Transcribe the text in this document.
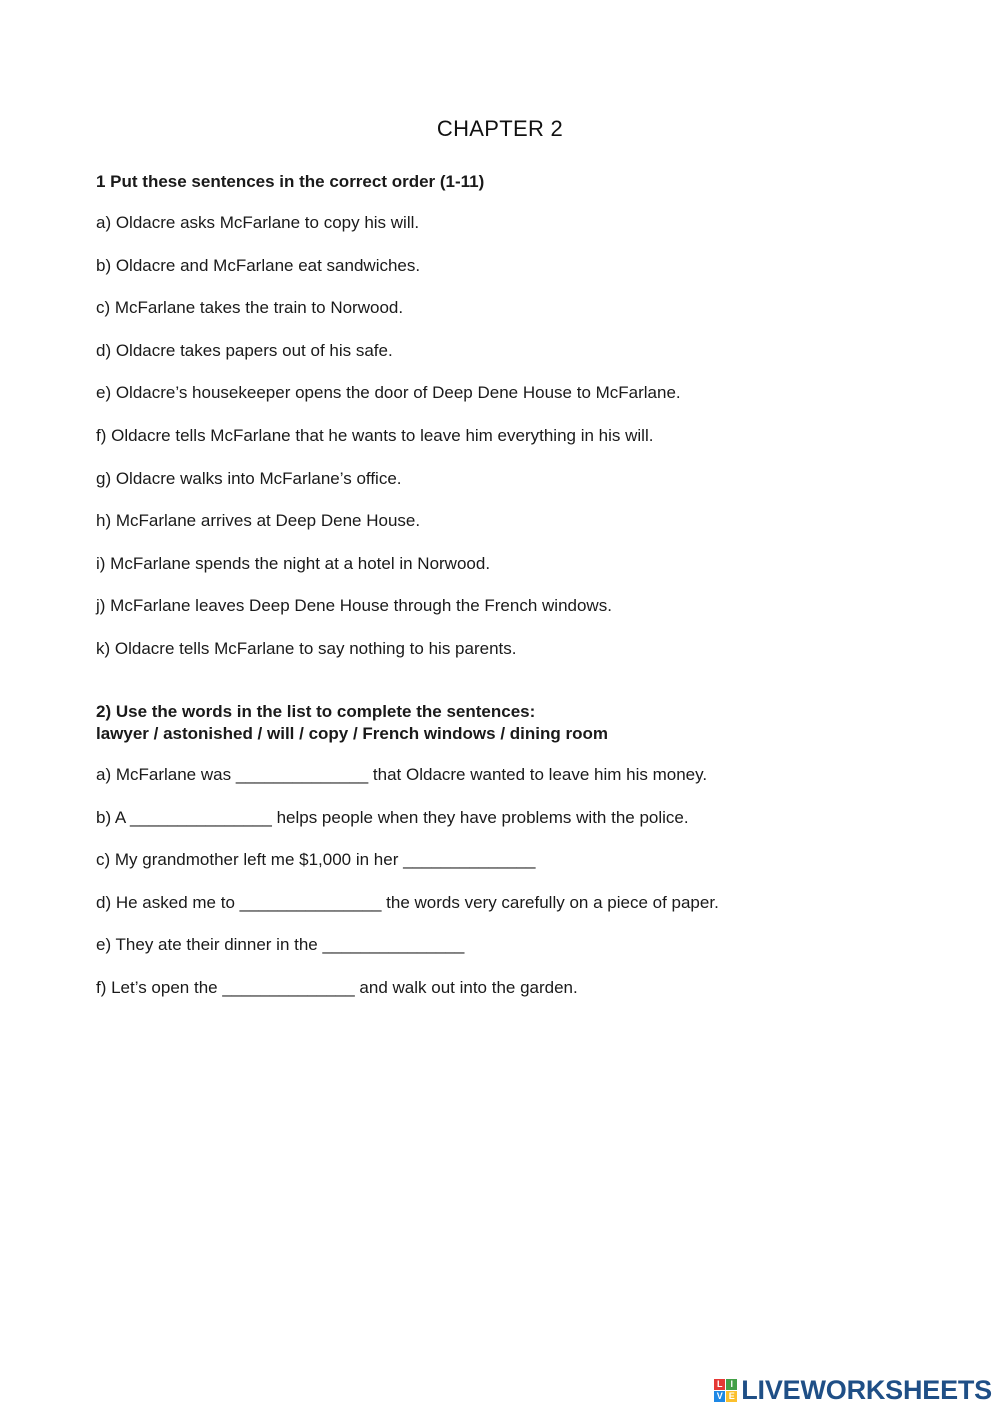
CHAPTER 2
1 Put these sentences in the correct order (1-11)
a) Oldacre asks McFarlane to copy his will.
b) Oldacre and McFarlane eat sandwiches.
c) McFarlane takes the train to Norwood.
d) Oldacre takes papers out of his safe.
e) Oldacre’s housekeeper opens the door of Deep Dene House to McFarlane.
f) Oldacre tells McFarlane that he wants to leave him everything in his will.
g) Oldacre walks into McFarlane’s office.
h) McFarlane arrives at Deep Dene House.
i) McFarlane spends the night at a hotel in Norwood.
j) McFarlane leaves Deep Dene House through the French windows.
k) Oldacre tells McFarlane to say nothing to his parents.
2) Use the words in the list to complete the sentences:
lawyer / astonished / will / copy / French windows / dining room
a) McFarlane was ______________ that Oldacre wanted to leave him his money.
b) A _______________ helps people when they have problems with the police.
c) My grandmother left me $1,000 in her ______________
d) He asked me to _______________ the words very carefully on a piece of paper.
e) They ate their dinner in the _______________
f) Let’s open the ______________ and walk out into the garden.
L I
V E LIVEWORKSHEETS
